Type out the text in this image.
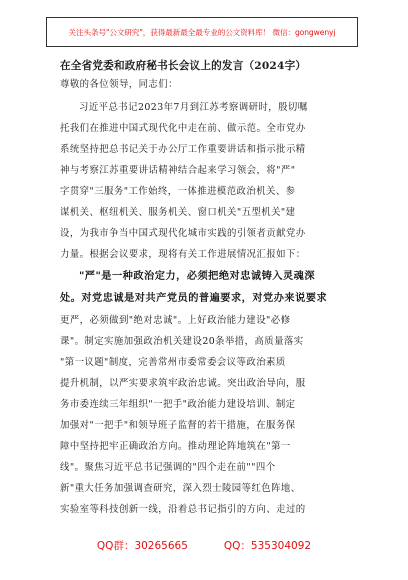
关注头条号"公文研究"，获得最新最全最专业的公文资料库！ 微信：gongwenyj
在全省党委和政府秘书长会议上的发言（2024字）
尊敬的各位领导，同志们：
习近平总书记2023年7月到江苏考察调研时，殷切嘱
托我们在推进中国式现代化中走在前、做示范。全市党办
系统坚持把总书记关于办公厅工作重要讲话和指示批示精
神与考察江苏重要讲话精神结合起来学习领会，将"严"
字贯穿"三服务"工作始终，一体推进模范政治机关、参
谋机关、枢纽机关、服务机关、窗口机关"五型机关"建
设，为我市争当中国式现代化城市实践的引领者贡献党办
力量。根据会议要求，现将有关工作进展情况汇报如下：
"严"是一种政治定力，必须把绝对忠诚铸入灵魂深
处。对党忠诚是对共产党员的普遍要求，对党办来说要求
更严，必须做到"绝对忠诚"。上好政治能力建设"必修
课"。制定实施加强政治机关建设20条举措，高质量落实
"第一议题"制度，完善常州市委常委会议等政治素质
提升机制，以严实要求筑牢政治忠诚。突出政治导向，服
务市委连续三年组织"一把手"政治能力建设培训、制定
加强对"一把手"和领导班子监督的若干措施，在服务保
障中坚持把牢正确政治方向。推动理论阵地筑在"第一
线"。聚焦习近平总书记强调的"四个走在前""四个
新"重大任务加强调查研究，深入烈士陵园等红色阵地、
实验室等科技创新一线，沿着总书记指引的方向、走过的
QQ群：30265665	QQ：535304092
